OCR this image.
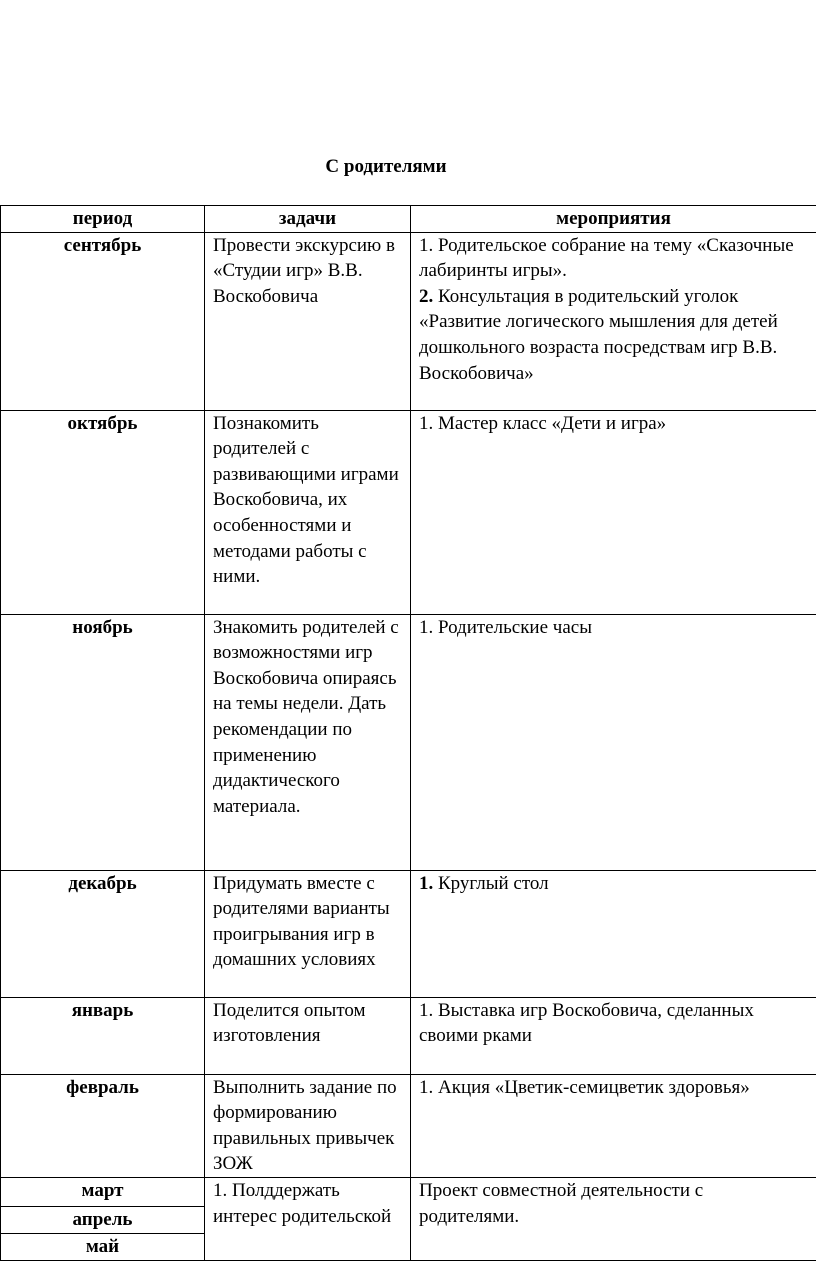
С родителями
период	задачи	мероприятия
сентябрь	Провести экскурсию в «Студии игр» В.В. Воскобовича	1. Родительское собрание на тему «Сказочные лабиринты игры».
2. Консультация в родительский уголок «Развитие логического мышления для детей дошкольного возраста посредствам игр В.В. Воскобовича»

октябрь	Познакомить родителей с развивающими играми Воскобовича, их особенностями и методами работы с ними.	1. Мастер класс «Дети и игра»

ноябрь	Знакомить родителей с возможностями игр Воскобовича опираясь на темы недели. Дать рекомендации по применению дидактического материала.	1. Родительские часы

декабрь	Придумать вместе с родителями варианты проигрывания игр в домашних условиях	1. Круглый стол

январь	Поделится опытом изготовления	1. Выставка игр Воскобовича, сделанных своими рками

февраль	Выполнить задание по формированию правильных привычек ЗОЖ	1. Акция «Цветик-семицветик здоровья»

март	1. Полддержать интерес родительской	Проект совместной деятельности с родителями.
апрель		
май		
